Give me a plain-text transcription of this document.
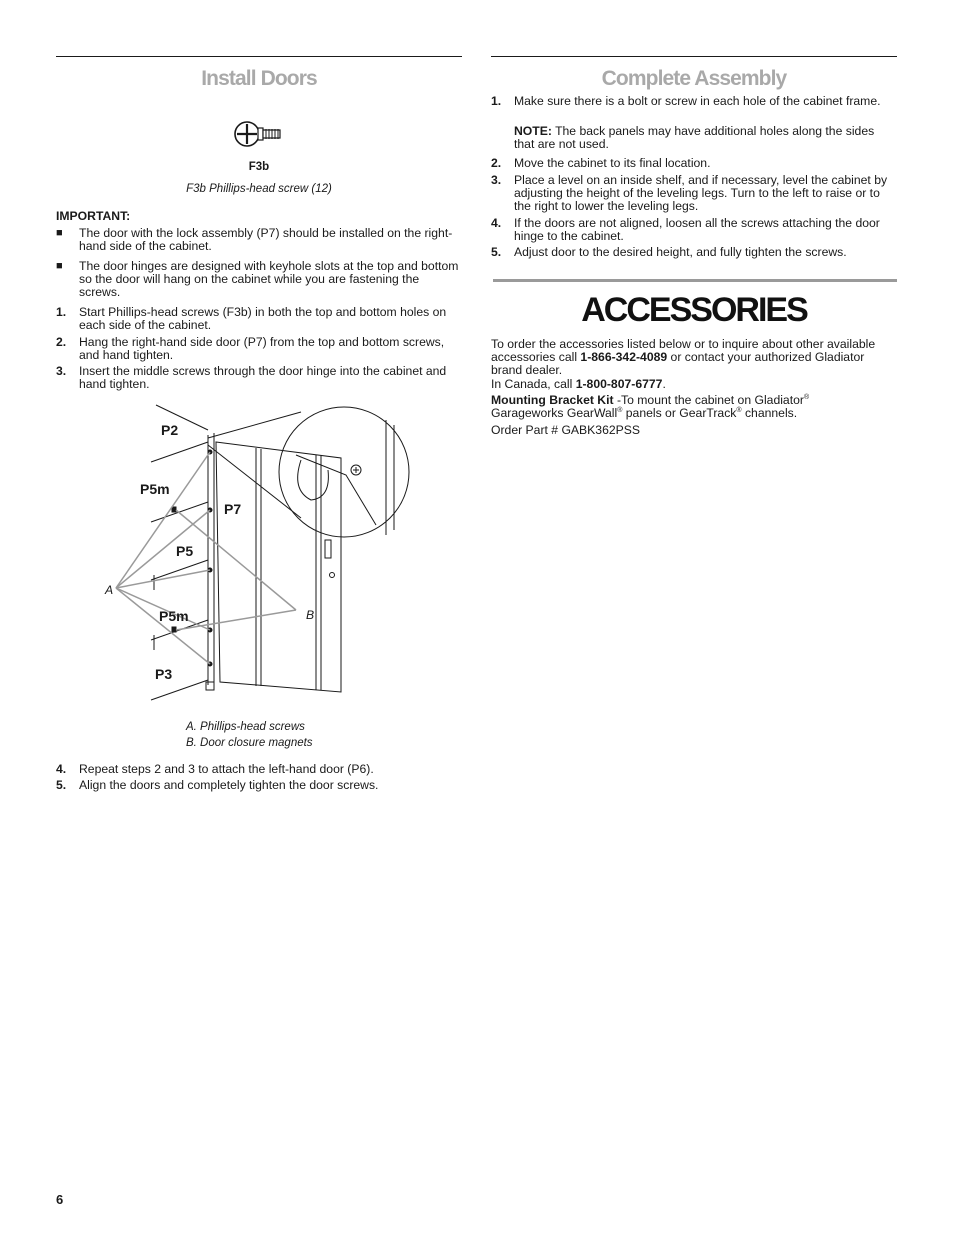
Install Doors
F3b
F3b Phillips-head screw (12)
IMPORTANT:
■ The door with the lock assembly (P7) should be installed on the right-hand side of the cabinet.
■ The door hinges are designed with keyhole slots at the top and bottom so the door will hang on the cabinet while you are fastening the screws.
1. Start Phillips-head screws (F3b) in both the top and bottom holes on each side of the cabinet.
2. Hang the right-hand side door (P7) from the top and bottom screws, and hand tighten.
3. Insert the middle screws through the door hinge into the cabinet and hand tighten.
P2
P5m
P7
P5
A
P5m	B
P3
A. Phillips-head screws
B. Door closure magnets
4. Repeat steps 2 and 3 to attach the left-hand door (P6).
5. Align the doors and completely tighten the door screws.
Complete Assembly
1. Make sure there is a bolt or screw in each hole of the cabinet frame.
NOTE: The back panels may have additional holes along the sides that are not used.
2. Move the cabinet to its final location.
3. Place a level on an inside shelf, and if necessary, level the cabinet by adjusting the height of the leveling legs. Turn to the left to raise or to the right to lower the leveling legs.
4. If the doors are not aligned, loosen all the screws attaching the door hinge to the cabinet.
5. Adjust door to the desired height, and fully tighten the screws.
ACCESSORIES
To order the accessories listed below or to inquire about other available accessories call 1-866-342-4089 or contact your authorized Gladiator brand dealer.
In Canada, call 1-800-807-6777.
Mounting Bracket Kit -To mount the cabinet on Gladiator®
Garageworks GearWall® panels or GearTrack® channels.
Order Part # GABK362PSS
6
